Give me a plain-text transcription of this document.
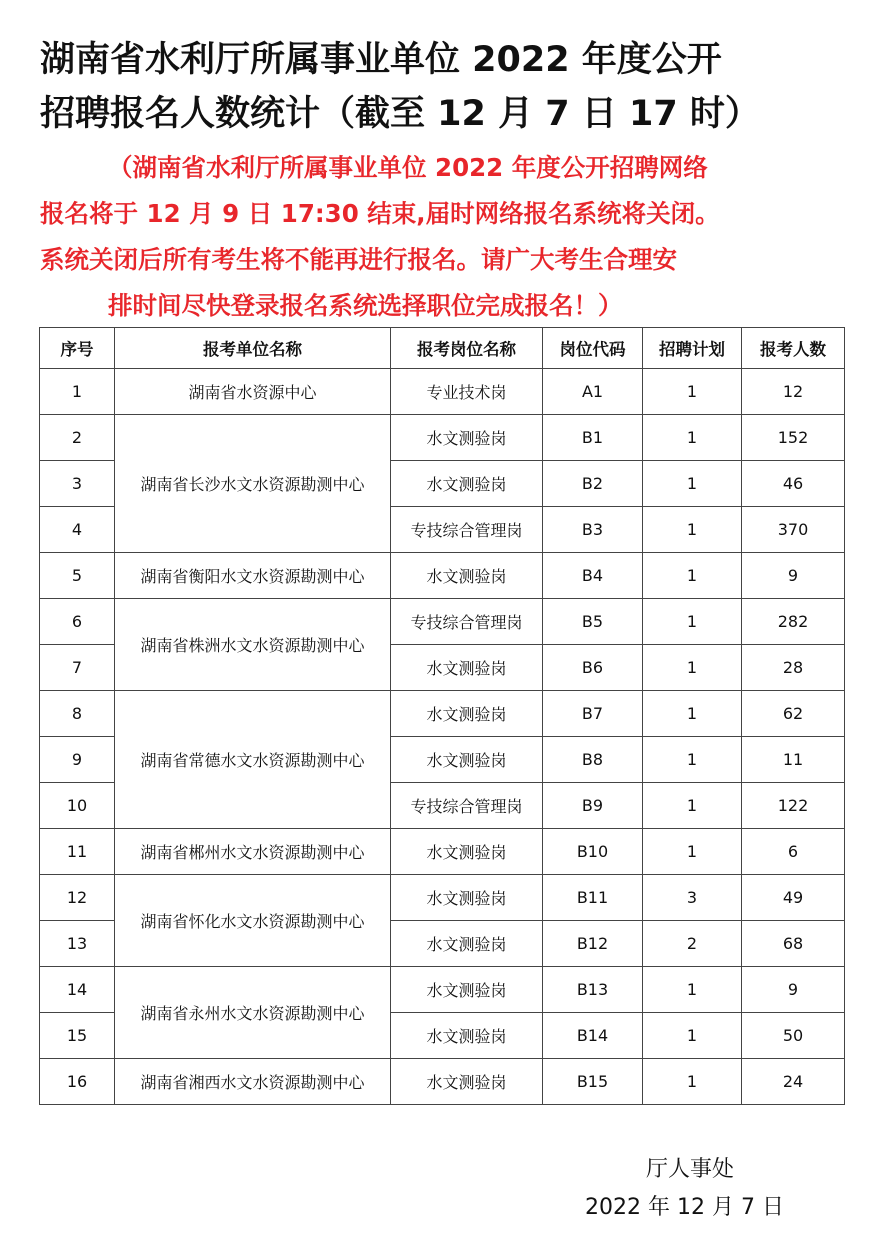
湖南省水利厅所属事业单位 2022 年度公开
招聘报名人数统计（截至 12 月 7 日 17 时）
（湖南省水利厅所属事业单位 2022 年度公开招聘网络
报名将于 12 月 9 日 17:30 结束,届时网络报名系统将关闭。
系统关闭后所有考生将不能再进行报名。请广大考生合理安
排时间尽快登录报名系统选择职位完成报名！）
序号	报考单位名称	报考岗位名称	岗位代码	招聘计划	报考人数
1	湖南省水资源中心	专业技术岗	A1	1	12
2	湖南省长沙水文水资源勘测中心	水文测验岗	B1	1	152
3		水文测验岗	B2	1	46
4		专技综合管理岗	B3	1	370
5	湖南省衡阳水文水资源勘测中心	水文测验岗	B4	1	9
6	湖南省株洲水文水资源勘测中心	专技综合管理岗	B5	1	282
7		水文测验岗	B6	1	28
8	湖南省常德水文水资源勘测中心	水文测验岗	B7	1	62
9		水文测验岗	B8	1	11
10		专技综合管理岗	B9	1	122
11	湖南省郴州水文水资源勘测中心	水文测验岗	B10	1	6
12	湖南省怀化水文水资源勘测中心	水文测验岗	B11	3	49
13		水文测验岗	B12	2	68
14	湖南省永州水文水资源勘测中心	水文测验岗	B13	1	9
15		水文测验岗	B14	1	50
16	湖南省湘西水文水资源勘测中心	水文测验岗	B15	1	24
厅人事处
2022 年 12 月 7 日
